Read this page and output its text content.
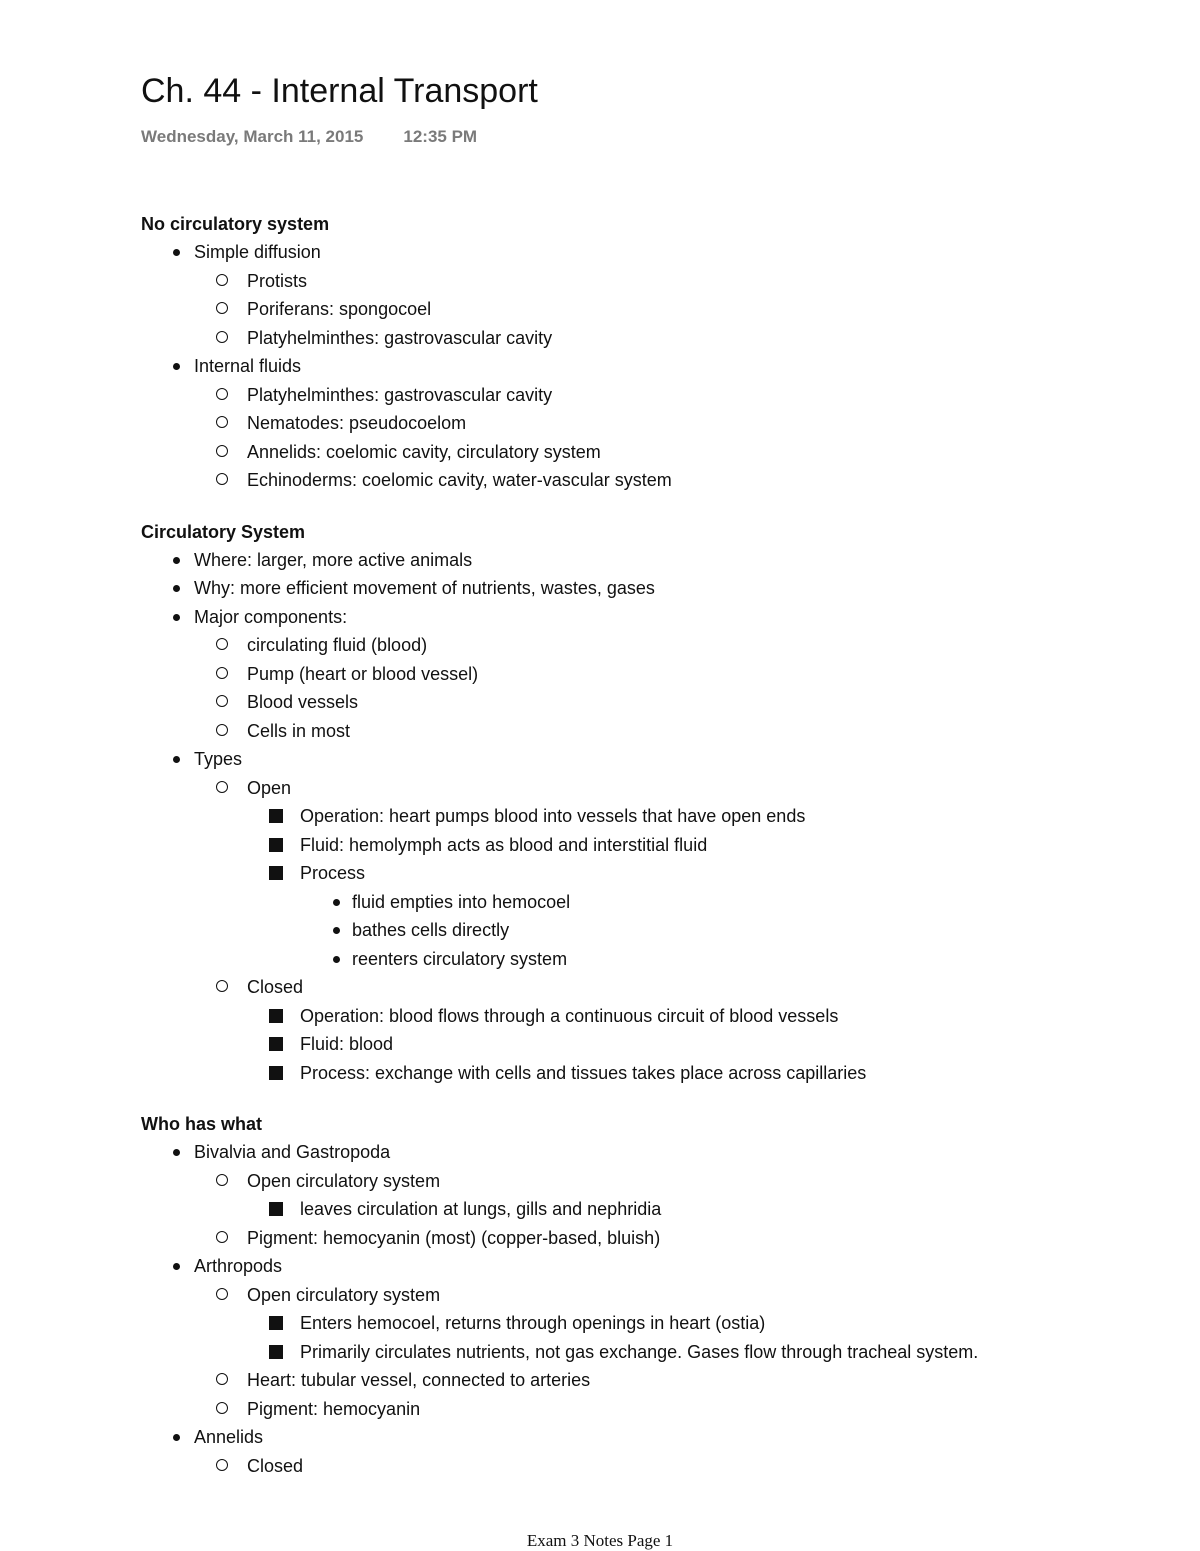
Ch. 44 - Internal Transport
Wednesday, March 11, 2015 12:35 PM
No circulatory system
Simple diffusion
Protists
Poriferans: spongocoel
Platyhelminthes: gastrovascular cavity
Internal fluids
Platyhelminthes: gastrovascular cavity
Nematodes: pseudocoelom
Annelids: coelomic cavity, circulatory system
Echinoderms: coelomic cavity, water-vascular system
Circulatory System
Where: larger, more active animals
Why: more efficient movement of nutrients, wastes, gases
Major components:
circulating fluid (blood)
Pump (heart or blood vessel)
Blood vessels
Cells in most
Types
Open
Operation: heart pumps blood into vessels that have open ends
Fluid: hemolymph acts as blood and interstitial fluid
Process
fluid empties into hemocoel
bathes cells directly
reenters circulatory system
Closed
Operation: blood flows through a continuous circuit of blood vessels
Fluid: blood
Process: exchange with cells and tissues takes place across capillaries
Who has what
Bivalvia and Gastropoda
Open circulatory system
leaves circulation at lungs, gills and nephridia
Pigment: hemocyanin (most) (copper-based, bluish)
Arthropods
Open circulatory system
Enters hemocoel, returns through openings in heart (ostia)
Primarily circulates nutrients, not gas exchange. Gases flow through tracheal system.
Heart: tubular vessel, connected to arteries
Pigment: hemocyanin
Annelids
Closed
Exam 3 Notes Page 1
